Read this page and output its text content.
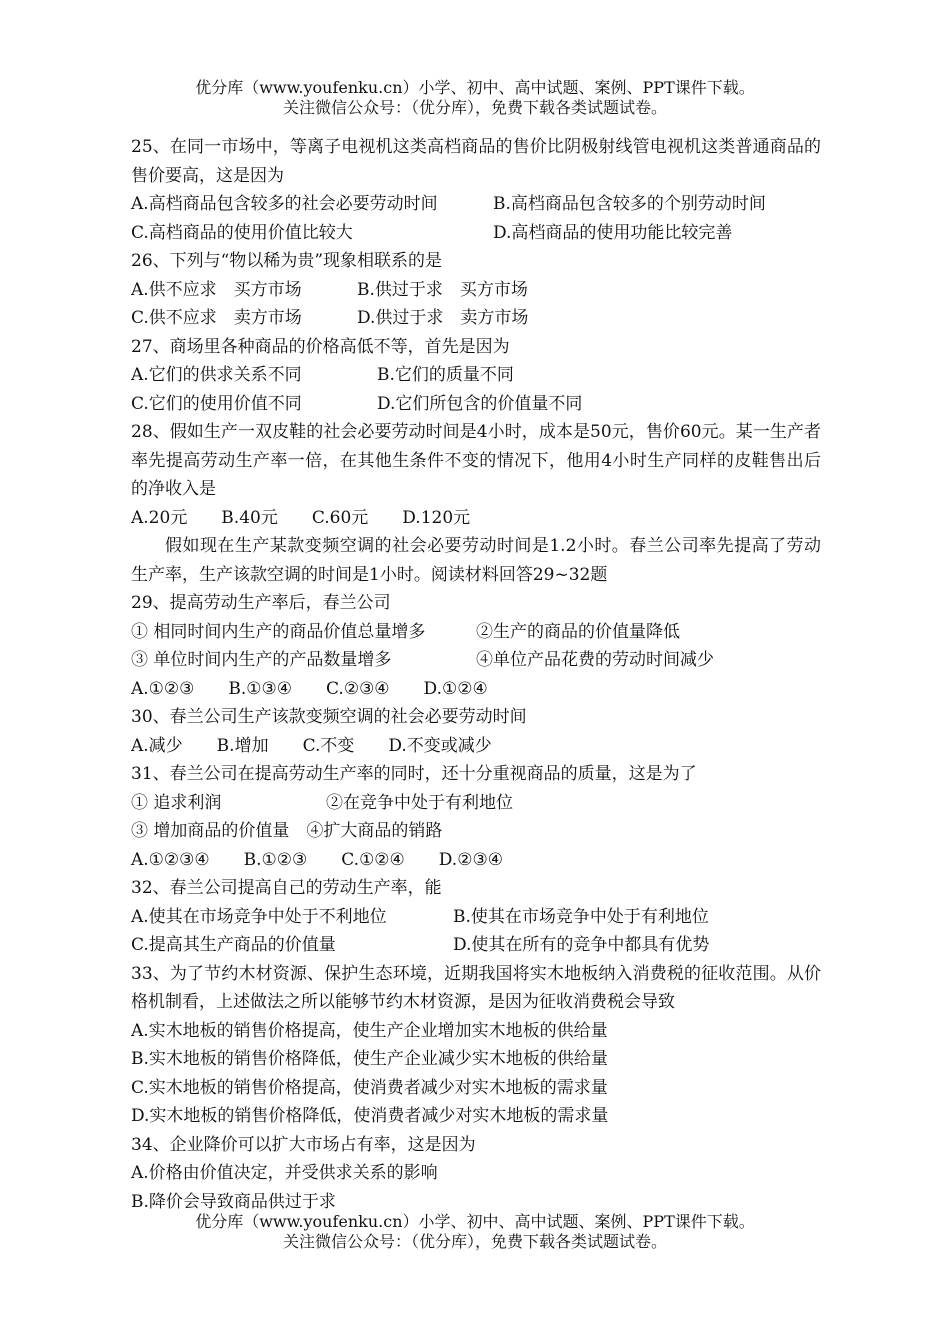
优分库（www.youfenku.cn）小学、初中、高中试题、案例、PPT课件下载。
关注微信公众号：（优分库），免费下载各类试题试卷。
25、在同一市场中，等离子电视机这类高档商品的售价比阴极射线管电视机这类普通商品的售价要高，这是因为
A.高档商品包含较多的社会必要劳动时间	B.高档商品包含较多的个别劳动时间
C.高档商品的使用价值比较大	D.高档商品的使用功能比较完善
26、下列与“物以稀为贵”现象相联系的是
A.供不应求　买方市场	B.供过于求　买方市场
C.供不应求　卖方市场	D.供过于求　卖方市场
27、商场里各种商品的价格高低不等，首先是因为
A.它们的供求关系不同	B.它们的质量不同
C.它们的使用价值不同	D.它们所包含的价值量不同
28、假如生产一双皮鞋的社会必要劳动时间是4小时，成本是50元，售价60元。某一生产者率先提高劳动生产率一倍，在其他生条件不变的情况下，他用4小时生产同样的皮鞋售出后的净收入是
A.20元　　B.40元　　C.60元　　D.120元
假如现在生产某款变频空调的社会必要劳动时间是1.2小时。春兰公司率先提高了劳动生产率，生产该款空调的时间是1小时。阅读材料回答29~32题
29、提高劳动生产率后，春兰公司
① 相同时间内生产的商品价值总量增多	②生产的商品的价值量降低
③ 单位时间内生产的产品数量增多	④单位产品花费的劳动时间减少
A.①②③　　B.①③④　　C.②③④　　D.①②④
30、春兰公司生产该款变频空调的社会必要劳动时间
A.减少　　B.增加　　C.不变　　D.不变或减少
31、春兰公司在提高劳动生产率的同时，还十分重视商品的质量，这是为了
① 追求利润	②在竞争中处于有利地位
③ 增加商品的价值量　④扩大商品的销路
A.①②③④　　B.①②③　　C.①②④　　D.②③④
32、春兰公司提高自己的劳动生产率，能
A.使其在市场竞争中处于不利地位	B.使其在市场竞争中处于有利地位
C.提高其生产商品的价值量	D.使其在所有的竞争中都具有优势
33、为了节约木材资源、保护生态环境，近期我国将实木地板纳入消费税的征收范围。从价格机制看，上述做法之所以能够节约木材资源，是因为征收消费税会导致
A.实木地板的销售价格提高，使生产企业增加实木地板的供给量
B.实木地板的销售价格降低，使生产企业减少实木地板的供给量
C.实木地板的销售价格提高，使消费者减少对实木地板的需求量
D.实木地板的销售价格降低，使消费者减少对实木地板的需求量
34、企业降价可以扩大市场占有率，这是因为
A.价格由价值决定，并受供求关系的影响
B.降价会导致商品供过于求
优分库（www.youfenku.cn）小学、初中、高中试题、案例、PPT课件下载。
关注微信公众号：（优分库），免费下载各类试题试卷。
